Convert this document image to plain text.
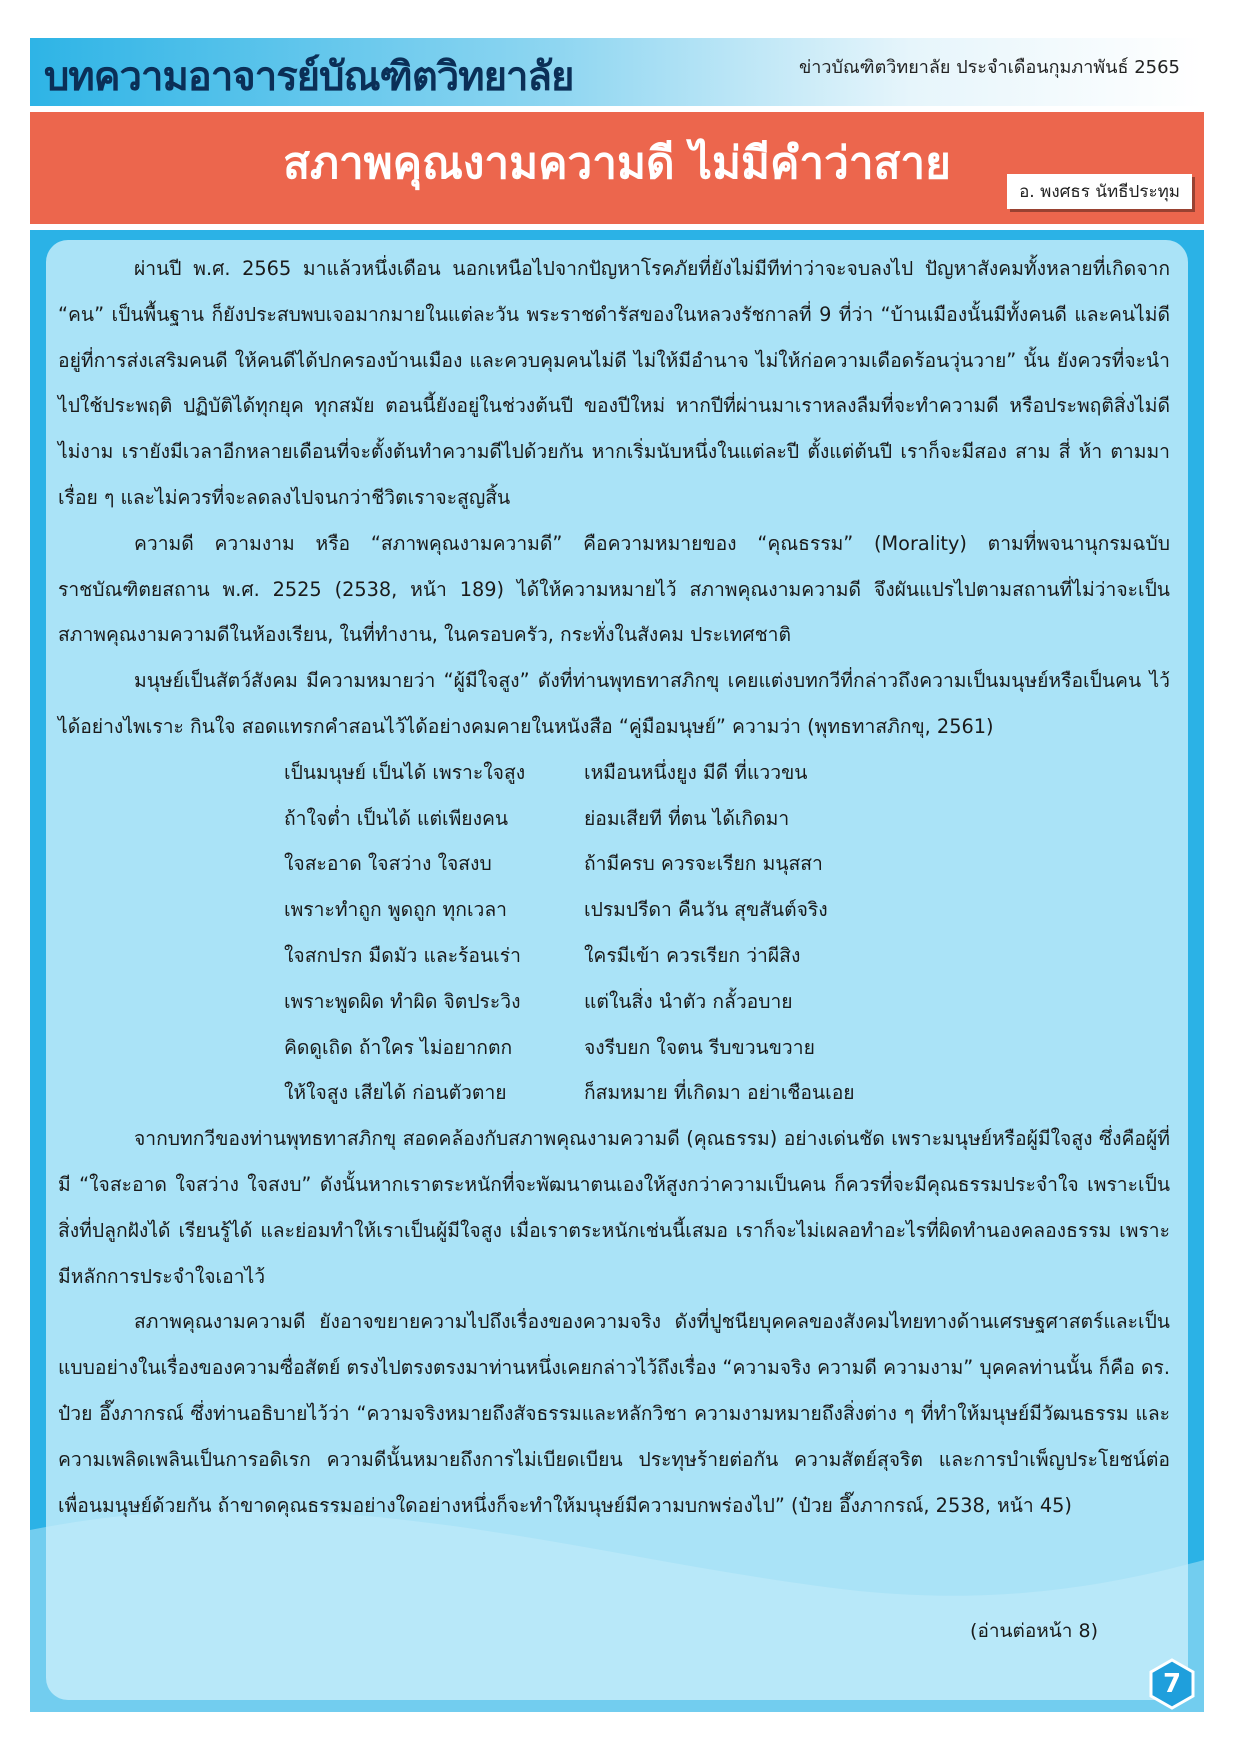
บทความอาจารย์บัณฑิตวิทยาลัย	ข่าวบัณฑิตวิทยาลัย ประจำเดือนกุมภาพันธ์ 2565
สภาพคุณงามความดี ไม่มีคำว่าสาย
อ. พงศธร นัทธีประทุม

ผ่านปี พ.ศ. 2565 มาแล้วหนึ่งเดือน นอกเหนือไปจากปัญหาโรคภัยที่ยังไม่มีทีท่าว่าจะจบลงไป ปัญหาสังคมทั้งหลายที่เกิดจาก “คน” เป็นพื้นฐาน ก็ยังประสบพบเจอมากมายในแต่ละวัน พระราชดำรัสของในหลวงรัชกาลที่ 9 ที่ว่า “บ้านเมืองนั้นมีทั้งคนดี และคนไม่ดี อยู่ที่การส่งเสริมคนดี ให้คนดีได้ปกครองบ้านเมือง และควบคุมคนไม่ดี ไม่ให้มีอำนาจ ไม่ให้ก่อความเดือดร้อนวุ่นวาย” นั้น ยังควรที่จะนำไปใช้ประพฤติ ปฏิบัติได้ทุกยุค ทุกสมัย ตอนนี้ยังอยู่ในช่วงต้นปี ของปีใหม่ หากปีที่ผ่านมาเราหลงลืมที่จะทำความดี หรือประพฤติสิ่งไม่ดี ไม่งาม เรายังมีเวลาอีกหลายเดือนที่จะตั้งต้นทำความดีไปด้วยกัน หากเริ่มนับหนึ่งในแต่ละปี ตั้งแต่ต้นปี เราก็จะมีสอง สาม สี่ ห้า ตามมาเรื่อย ๆ และไม่ควรที่จะลดลงไปจนกว่าชีวิตเราจะสูญสิ้น

ความดี ความงาม หรือ “สภาพคุณงามความดี” คือความหมายของ “คุณธรรม” (Morality) ตามที่พจนานุกรมฉบับราชบัณฑิตยสถาน พ.ศ. 2525 (2538, หน้า 189) ได้ให้ความหมายไว้ สภาพคุณงามความดี จึงผันแปรไปตามสถานที่ไม่ว่าจะเป็น สภาพคุณงามความดีในห้องเรียน, ในที่ทำงาน, ในครอบครัว, กระทั่งในสังคม ประเทศชาติ

มนุษย์เป็นสัตว์สังคม มีความหมายว่า “ผู้มีใจสูง” ดังที่ท่านพุทธทาสภิกขุ เคยแต่งบทกวีที่กล่าวถึงความเป็นมนุษย์หรือเป็นคน ไว้ได้อย่างไพเราะ กินใจ สอดแทรกคำสอนไว้ได้อย่างคมคายในหนังสือ “คู่มือมนุษย์” ความว่า (พุทธทาสภิกขุ, 2561)

เป็นมนุษย์ เป็นได้ เพราะใจสูง	เหมือนหนึ่งยูง มีดี ที่แววขน
ถ้าใจต่ำ เป็นได้ แต่เพียงคน	ย่อมเสียที ที่ตน ได้เกิดมา
ใจสะอาด ใจสว่าง ใจสงบ	ถ้ามีครบ ควรจะเรียก มนุสสา
เพราะทำถูก พูดถูก ทุกเวลา	เปรมปรีดา คืนวัน สุขสันต์จริง
ใจสกปรก มืดมัว และร้อนเร่า	ใครมีเข้า ควรเรียก ว่าผีสิง
เพราะพูดผิด ทำผิด จิตประวิง	แต่ในสิ่ง นำตัว กลั้วอบาย
คิดดูเถิด ถ้าใคร ไม่อยากตก	จงรีบยก ใจตน รีบขวนขวาย
ให้ใจสูง เสียได้ ก่อนตัวตาย	ก็สมหมาย ที่เกิดมา อย่าเชือนเอย

จากบทกวีของท่านพุทธทาสภิกขุ สอดคล้องกับสภาพคุณงามความดี (คุณธรรม) อย่างเด่นชัด เพราะมนุษย์หรือผู้มีใจสูง ซึ่งคือผู้ที่มี “ใจสะอาด ใจสว่าง ใจสงบ” ดังนั้นหากเราตระหนักที่จะพัฒนาตนเองให้สูงกว่าความเป็นคน ก็ควรที่จะมีคุณธรรมประจำใจ เพราะเป็นสิ่งที่ปลูกฝังได้ เรียนรู้ได้ และย่อมทำให้เราเป็นผู้มีใจสูง เมื่อเราตระหนักเช่นนี้เสมอ เราก็จะไม่เผลอทำอะไรที่ผิดทำนองคลองธรรม เพราะมีหลักการประจำใจเอาไว้

สภาพคุณงามความดี ยังอาจขยายความไปถึงเรื่องของความจริง ดังที่ปูชนียบุคคลของสังคมไทยทางด้านเศรษฐศาสตร์และเป็นแบบอย่างในเรื่องของความซื่อสัตย์ ตรงไปตรงตรงมาท่านหนึ่งเคยกล่าวไว้ถึงเรื่อง “ความจริง ความดี ความงาม” บุคคลท่านนั้น ก็คือ ดร. ป๋วย อึ๊งภากรณ์ ซึ่งท่านอธิบายไว้ว่า “ความจริงหมายถึงสัจธรรมและหลักวิชา ความงามหมายถึงสิ่งต่าง ๆ ที่ทำให้มนุษย์มีวัฒนธรรม และความเพลิดเพลินเป็นการอดิเรก ความดีนั้นหมายถึงการไม่เบียดเบียน ประทุษร้ายต่อกัน ความสัตย์สุจริต และการบำเพ็ญประโยชน์ต่อเพื่อนมนุษย์ด้วยกัน ถ้าขาดคุณธรรมอย่างใดอย่างหนึ่งก็จะทำให้มนุษย์มีความบกพร่องไป” (ป๋วย อึ๊งภากรณ์, 2538, หน้า 45)

(อ่านต่อหน้า 8)
7
